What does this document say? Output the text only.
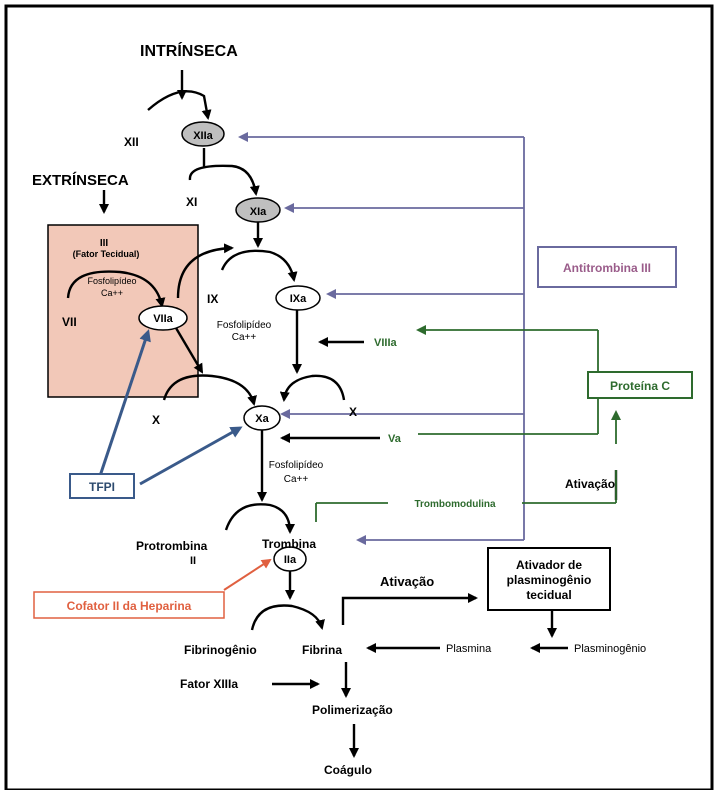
INTRÍNSECA
XII	XIIa
EXTRÍNSECA
XI
XIa
III
(Fator Tecidual)
Fosfolipídeo
Ca++
VII	VIIa
IX	IXa
Fosfolipídeo
Ca++
X	Xa	X
Fosfolipídeo
Ca++	Ativação
Protrombina
II
Trombina
IIa
Ativação
Ativador de
plasminogênio
tecidual
Fibrinogênio	Fibrina	Plasmina	Plasminogênio
Fator XIIIa
Polimerização
Coágulo
Antitrombina III
Proteína C
VIIIa
Va
Trombomodulina
TFPI
Cofator II da Heparina
